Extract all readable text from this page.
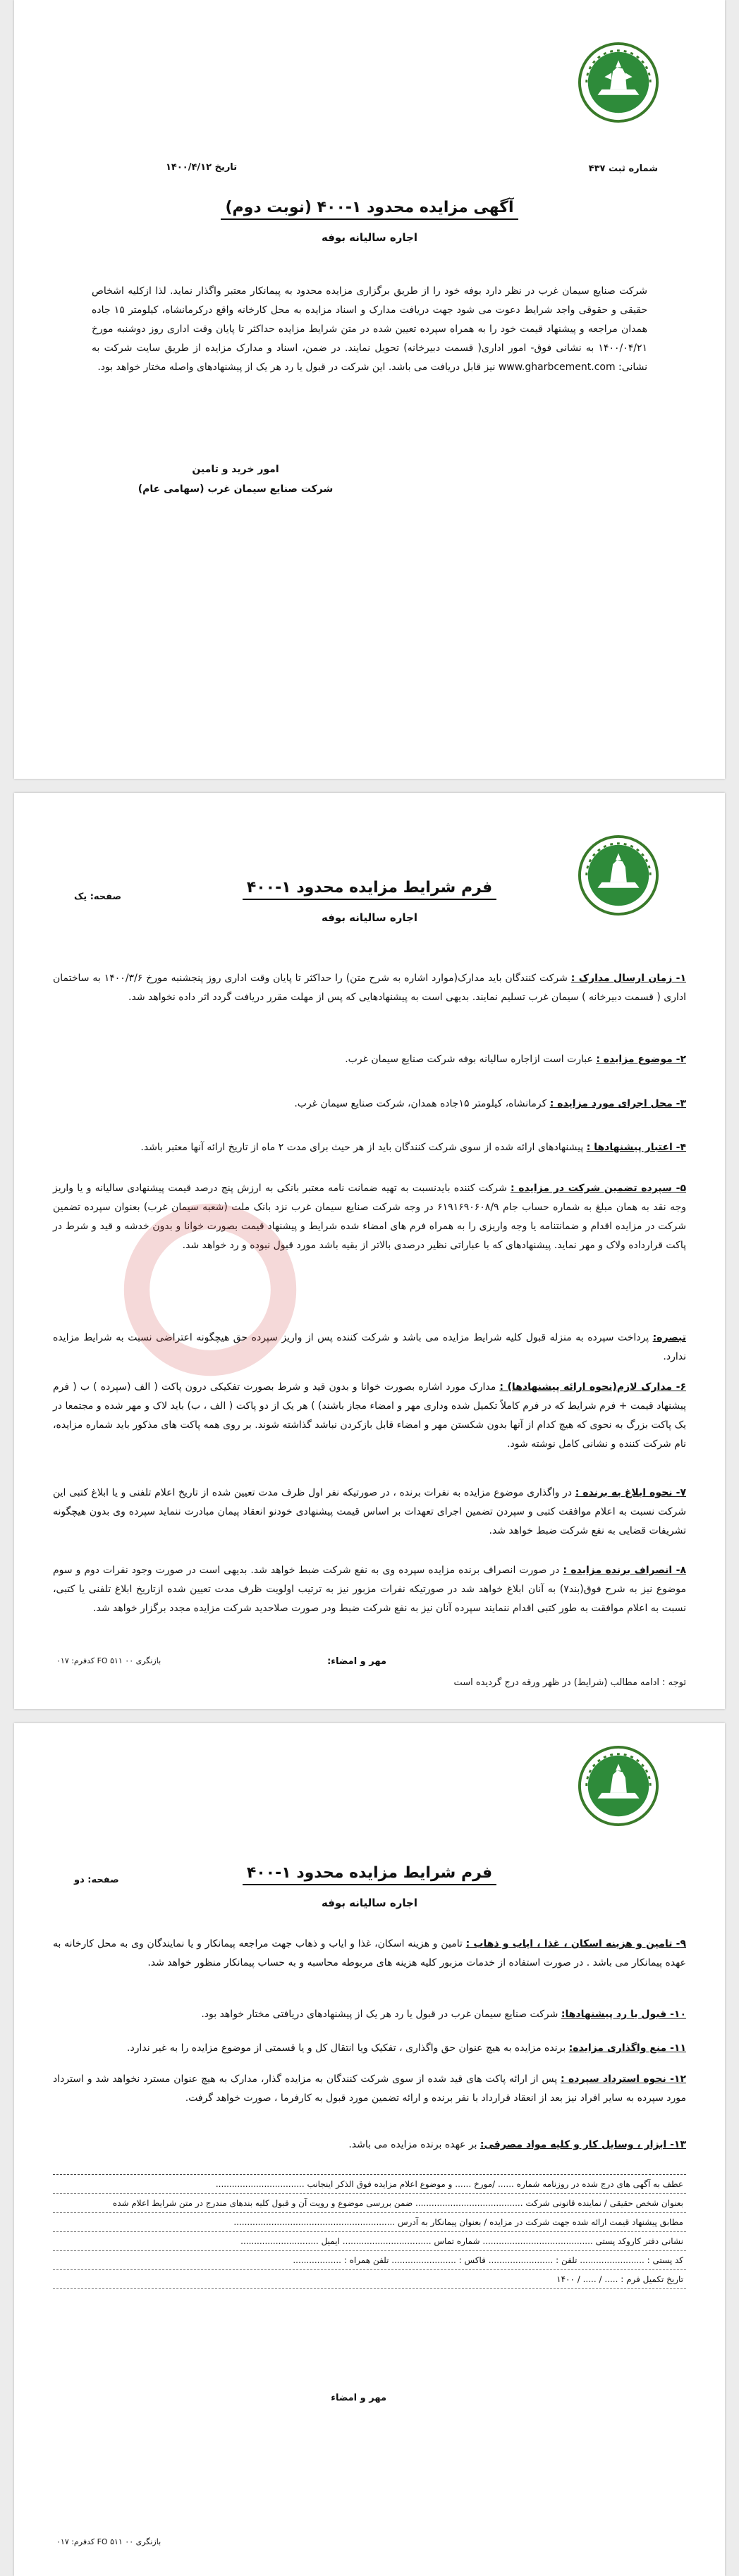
شماره ثبت ۴۳۷
تاریخ ۱۴۰۰/۴/۱۲
آگهی مزایده محدود ۱-۴۰۰ (نوبت دوم)
اجاره سالیانه بوفه
شرکت صنایع سیمان غرب در نظر دارد بوفه خود را از طریق برگزاری مزایده محدود به پیمانکار معتبر واگذار نماید. لذا ازکلیه اشخاص حقیقی و حقوقی واجد شرایط دعوت می شود جهت دریافت مدارک و اسناد مزایده به محل کارخانه واقع درکرمانشاه، کیلومتر ۱۵ جاده همدان مراجعه و پیشنهاد قیمت خود را به همراه سپرده تعیین شده در متن شرایط مزایده حداکثر تا پایان وقت اداری روز دوشنبه مورخ ۱۴۰۰/۰۴/۲۱ به نشانی فوق- امور اداری( قسمت دبیرخانه) تحویل نمایند. در ضمن، اسناد و مدارک مزایده از طریق سایت شرکت به نشانی: www.gharbcement.com نیز قابل دریافت می باشد. این شرکت در قبول یا رد هر یک از پیشنهادهای واصله مختار خواهد بود.
امور خرید و تامین
شرکت صنایع سیمان غرب (سهامی عام)
صفحه: یک
فرم شرایط مزایده محدود ۱-۴۰۰
اجاره سالیانه بوفه
۱- زمان ارسال مدارک : شرکت کنندگان باید مدارک(موارد اشاره به شرح متن) را حداکثر تا پایان وقت اداری روز پنجشنبه مورخ ۱۴۰۰/۳/۶ به ساختمان اداری ( قسمت دبیرخانه ) سیمان غرب تسلیم نمایند. بدیهی است به پیشنهادهایی که پس از مهلت مقرر دریافت گردد اثر داده نخواهد شد.
۲- موضوع مزایده : عبارت است ازاجاره سالیانه بوفه شرکت صنایع سیمان غرب.
۳- محل اجرای مورد مزایده : کرمانشاه، کیلومتر ۱۵جاده همدان، شرکت صنایع سیمان غرب.
۴- اعتبار پیشنهادها : پیشنهادهای ارائه شده از سوی شرکت کنندگان باید از هر حیث برای مدت ۲ ماه از تاریخ ارائه آنها معتبر باشد.
۵- سپرده تضمین شرکت در مزایده : شرکت کننده بایدنسبت به تهیه ضمانت نامه معتبر بانکی به ارزش پنج درصد قیمت پیشنهادی سالیانه و یا واریز وجه نقد به همان مبلغ به شماره حساب جام ۶۱۹۱۶۹۰۶۰۸/۹ در وجه شرکت صنایع سیمان غرب نزد بانک ملت (شعبه سیمان غرب) بعنوان سپرده تضمین شرکت در مزایده اقدام و ضمانتنامه یا وجه واریزی را به همراه فرم های امضاء شده شرایط و پیشنهاد قیمت بصورت خوانا و بدون خدشه و قید و شرط در پاکت قرارداده ولاک و مهر نماید. پیشنهادهای که با عباراتی نظیر درصدی بالاتر از بقیه باشد مورد قبول نبوده و رد خواهد شد.
تبصره: پرداخت سپرده به منزله قبول کلیه شرایط مزایده می باشد و شرکت کننده پس از واریز سپرده حق هیچگونه اعتراضی نسبت به شرایط مزایده ندارد.
۶- مدارک لازم(نحوه ارائه پیشنهادها) : مدارک مورد اشاره بصورت خوانا و بدون قید و شرط بصورت تفکیکی درون پاکت ( الف (سپرده ) ب ( فرم پیشنهاد قیمت + فرم شرایط که در فرم کاملاً تکمیل شده وداری مهر و امضاء مجاز باشند) ) هر یک از دو پاکت ( الف ، ب) باید لاک و مهر شده و مجتمعا در یک پاکت بزرگ به نحوی که هیچ کدام از آنها بدون شکستن مهر و امضاء قابل بازکردن نباشد گذاشته شوند. بر روی همه پاکت های مذکور باید شماره مزایده، نام شرکت کننده و نشانی کامل نوشته شود.
۷- نحوه ابلاغ به برنده : در واگذاری موضوع مزایده به نفرات برنده ، در صورتیکه نفر اول ظرف مدت تعیین شده از تاریخ اعلام تلفنی و یا ابلاغ کتبی این شرکت نسبت به اعلام موافقت کتبی و سپردن تضمین اجرای تعهدات بر اساس قیمت پیشنهادی خودنو انعقاد پیمان مبادرت ننماید سپرده وی بدون هیچگونه تشریفات قضایی به نفع شرکت ضبط خواهد شد.
۸- انصراف برنده مزایده : در صورت انصراف برنده مزایده سپرده وی به نفع شرکت ضبط خواهد شد. بدیهی است در صورت وجود نفرات دوم و سوم موضوع نیز به شرح فوق(بند۷) به آنان ابلاغ خواهد شد در صورتیکه نفرات مزبور نیز به ترتیب اولویت ظرف مدت تعیین شده ازتاریخ ابلاغ تلفنی یا کتبی، نسبت به اعلام موافقت به طور کتبی اقدام ننمایند سپرده آنان نیز به نفع شرکت ضبط ودر صورت صلاحدید شرکت مزایده مجدد برگزار خواهد شد.
مهر و امضاء:
توجه : ادامه مطالب (شرایط) در ظهر ورقه درج گردیده است
کدفرم: ۰۱۷ FO ۵۱۱ بازنگری ۰۰
صفحه: دو	فرم شرایط مزایده محدود ۱-۴۰۰
اجاره سالیانه بوفه
۹- تامین و هزینه اسکان ، غذا ، ایاب و ذهاب : تامین و هزینه اسکان، غذا و ایاب و ذهاب جهت مراجعه پیمانکار و یا نمایندگان وی به محل کارخانه به عهده پیمانکار می باشد . در صورت استفاده از خدمات مزبور کلیه هزینه های مربوطه محاسبه و به حساب پیمانکار منظور خواهد شد.
۱۰- قبول یا رد پیشنهادها: شرکت صنایع سیمان غرب در قبول یا رد هر یک از پیشنهادهای دریافتی مختار خواهد بود.
۱۱- منع واگذاری مزایده: برنده مزایده به هیچ عنوان حق واگذاری ، تفکیک ویا انتقال کل و یا قسمتی از موضوع مزایده را به غیر ندارد.
۱۲- نحوه استرداد سپرده : پس از ارائه پاکت های قید شده از سوی شرکت کنندگان به مزایده گذار، مدارک به هیچ عنوان مسترد نخواهد شد و استرداد مورد سپرده به سایر افراد نیز بعد از انعقاد قرارداد با نفر برنده و ارائه تضمین مورد قبول به کارفرما ، صورت خواهد گرفت.
۱۳- ابزار ، وسایل کار و کلیه مواد مصرفی: بر عهده برنده مزایده می باشد.
عطف به آگهی های درج شده در روزنامه شماره ...... /مورخ ...... و موضوع اعلام مزایده فوق الذکر اینجانب .................................
بعنوان شخص حقیقی / نماینده قانونی شرکت ........................................ ضمن بررسی موضوع و رویت آن و قبول کلیه بندهای مندرج در متن شرایط اعلام شده
مطابق پیشنهاد قیمت ارائه شده جهت شرکت در مزایده / بعنوان پیمانکار به آدرس ............................................................
نشانی دفتر کاروکد پستی ......................................... شماره تماس ................................. ایمیل .............................
کد پستی : ........................ تلفن : ........................ فاکس : ........................ تلفن همراه : ..................
تاریخ تکمیل فرم : ..... / ..... / ۱۴۰۰
مهر و امضاء
کدفرم: ۰۱۷ FO ۵۱۱ بازنگری ۰۰
